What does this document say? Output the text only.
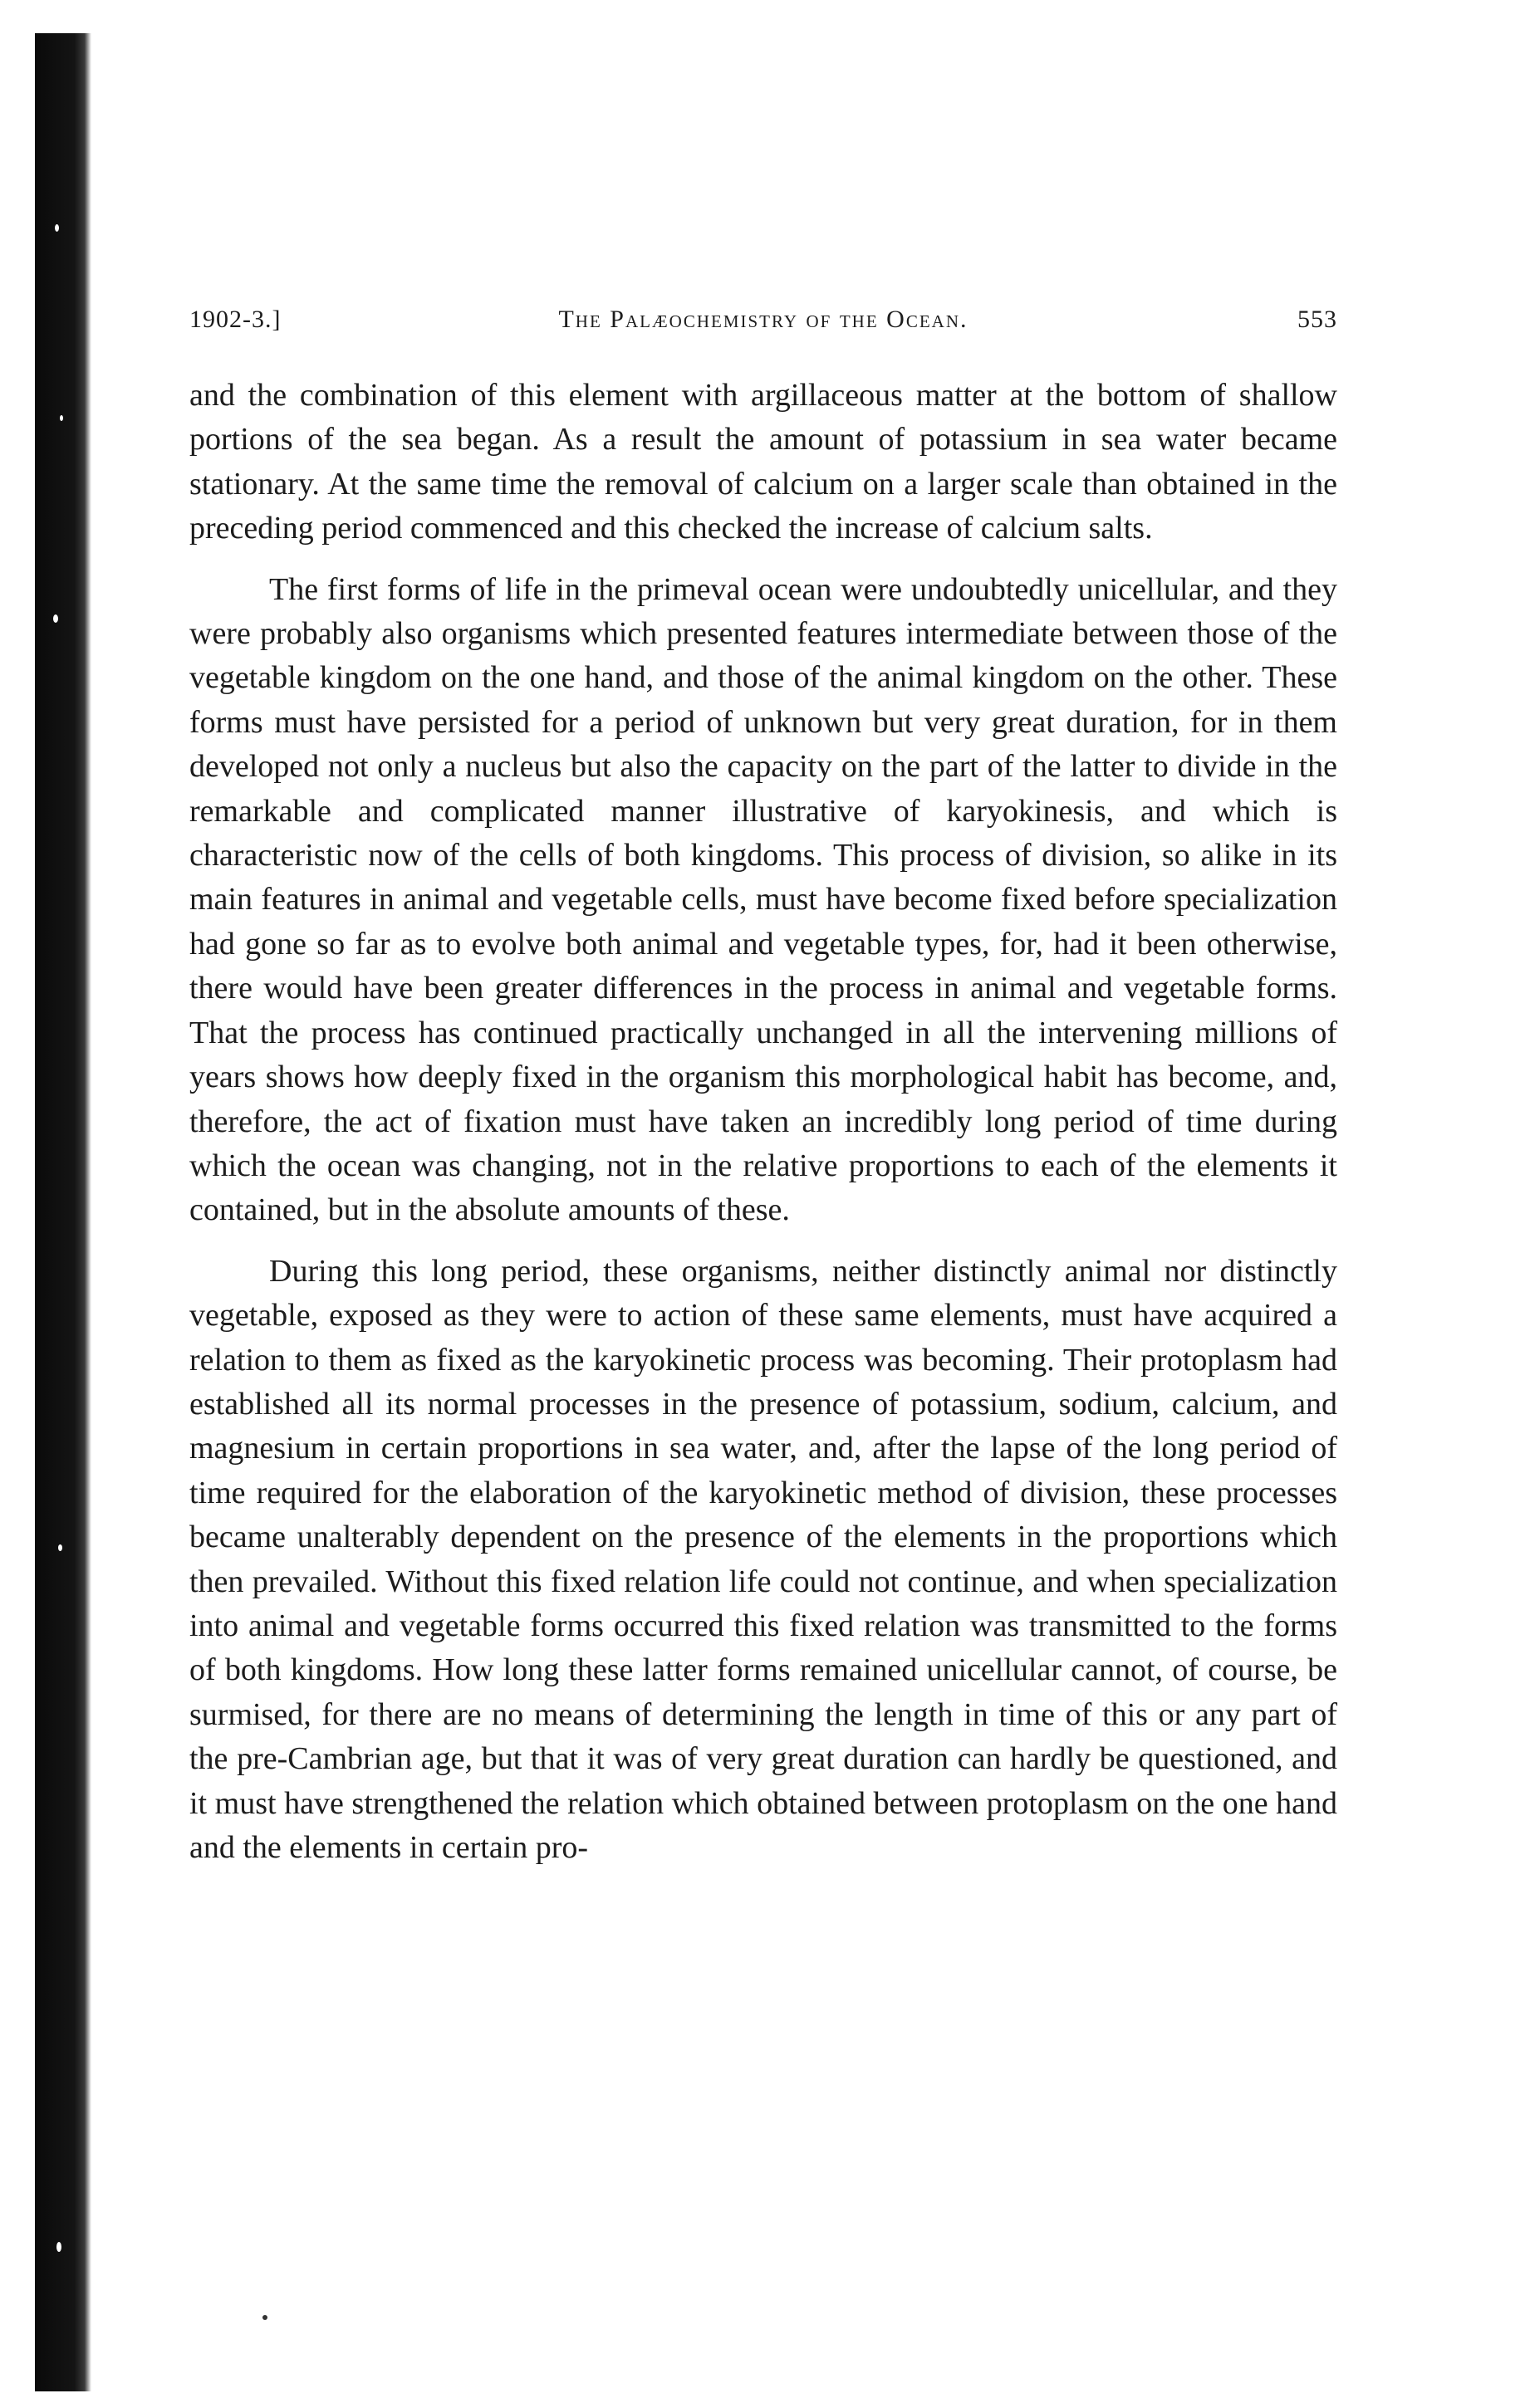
1902-3.]	The Palæochemistry of the Ocean.	553

and the combination of this element with argillaceous matter at the bottom of shallow portions of the sea began. As a result the amount of potassium in sea water became stationary. At the same time the removal of calcium on a larger scale than obtained in the preceding period commenced and this checked the increase of calcium salts.

The first forms of life in the primeval ocean were undoubtedly unicellular, and they were probably also organisms which presented features intermediate between those of the vegetable kingdom on the one hand, and those of the animal kingdom on the other. These forms must have persisted for a period of unknown but very great duration, for in them developed not only a nucleus but also the capacity on the part of the latter to divide in the remarkable and complicated manner illustrative of karyokinesis, and which is characteristic now of the cells of both kingdoms. This process of division, so alike in its main features in animal and vegetable cells, must have become fixed before specialization had gone so far as to evolve both animal and vegetable types, for, had it been otherwise, there would have been greater differences in the process in animal and vegetable forms. That the process has continued practically unchanged in all the intervening millions of years shows how deeply fixed in the organism this morphological habit has become, and, therefore, the act of fixation must have taken an incredibly long period of time during which the ocean was changing, not in the relative proportions to each of the elements it contained, but in the absolute amounts of these.

During this long period, these organisms, neither distinctly animal nor distinctly vegetable, exposed as they were to action of these same elements, must have acquired a relation to them as fixed as the karyokinetic process was becoming. Their protoplasm had established all its normal processes in the presence of potassium, sodium, calcium, and magnesium in certain proportions in sea water, and, after the lapse of the long period of time required for the elaboration of the karyokinetic method of division, these processes became unalterably dependent on the presence of the elements in the proportions which then prevailed. Without this fixed relation life could not continue, and when specialization into animal and vegetable forms occurred this fixed relation was transmitted to the forms of both kingdoms. How long these latter forms remained unicellular cannot, of course, be surmised, for there are no means of determining the length in time of this or any part of the pre-Cambrian age, but that it was of very great duration can hardly be questioned, and it must have strengthened the relation which obtained between protoplasm on the one hand and the elements in certain pro-
